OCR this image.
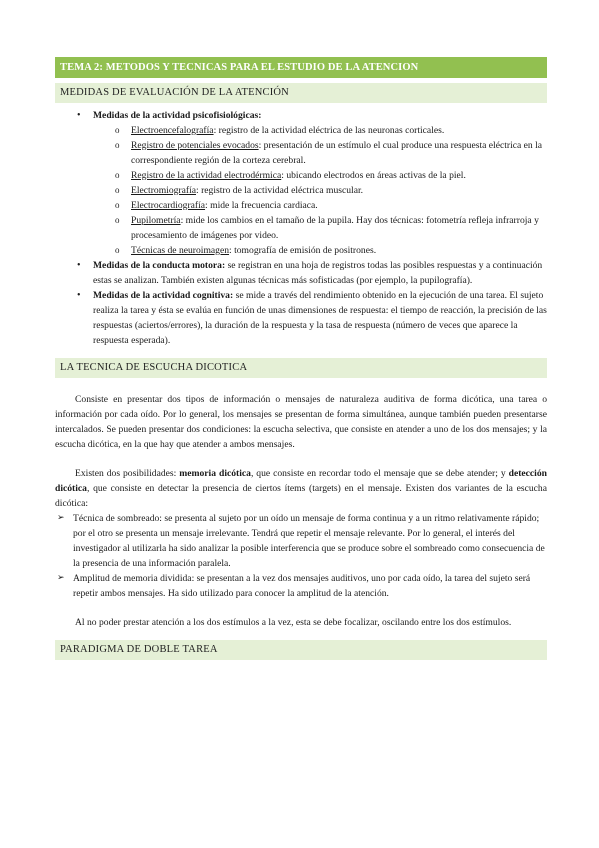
TEMA 2: METODOS Y TECNICAS PARA EL ESTUDIO DE LA ATENCION
MEDIDAS DE EVALUACIÓN DE LA ATENCIÓN
• Medidas de la actividad psicofisiológicas:
o Electroencefalografía: registro de la actividad eléctrica de las neuronas corticales.
o Registro de potenciales evocados: presentación de un estímulo el cual produce una respuesta eléctrica en la correspondiente región de la corteza cerebral.
o Registro de la actividad electrodérmica: ubicando electrodos en áreas activas de la piel.
o Electromiografía: registro de la actividad eléctrica muscular.
o Electrocardiografía: mide la frecuencia cardiaca.
o Pupilometría: mide los cambios en el tamaño de la pupila. Hay dos técnicas: fotometría refleja infrarroja y procesamiento de imágenes por video.
o Técnicas de neuroimagen: tomografía de emisión de positrones.
• Medidas de la conducta motora: se registran en una hoja de registros todas las posibles respuestas y a continuación estas se analizan. También existen algunas técnicas más sofisticadas (por ejemplo, la pupilografía).
• Medidas de la actividad cognitiva: se mide a través del rendimiento obtenido en la ejecución de una tarea. El sujeto realiza la tarea y ésta se evalúa en función de unas dimensiones de respuesta: el tiempo de reacción, la precisión de las respuestas (aciertos/errores), la duración de la respuesta y la tasa de respuesta (número de veces que aparece la respuesta esperada).
LA TECNICA DE ESCUCHA DICOTICA

Consiste en presentar dos tipos de información o mensajes de naturaleza auditiva de forma dicótica, una tarea o información por cada oído. Por lo general, los mensajes se presentan de forma simultánea, aunque también pueden presentarse intercalados. Se pueden presentar dos condiciones: la escucha selectiva, que consiste en atender a uno de los dos mensajes; y la escucha dicótica, en la que hay que atender a ambos mensajes.

Existen dos posibilidades: memoria dicótica, que consiste en recordar todo el mensaje que se debe atender; y detección dicótica, que consiste en detectar la presencia de ciertos ítems (targets) en el mensaje. Existen dos variantes de la escucha dicótica:

➢ Técnica de sombreado: se presenta al sujeto por un oído un mensaje de forma continua y a un ritmo relativamente rápido; por el otro se presenta un mensaje irrelevante. Tendrá que repetir el mensaje relevante. Por lo general, el interés del investigador al utilizarla ha sido analizar la posible interferencia que se produce sobre el sombreado como consecuencia de la presencia de una información paralela.
➢ Amplitud de memoria dividida: se presentan a la vez dos mensajes auditivos, uno por cada oído, la tarea del sujeto será repetir ambos mensajes. Ha sido utilizado para conocer la amplitud de la atención.

Al no poder prestar atención a los dos estímulos a la vez, esta se debe focalizar, oscilando entre los dos estímulos.

PARADIGMA DE DOBLE TAREA
